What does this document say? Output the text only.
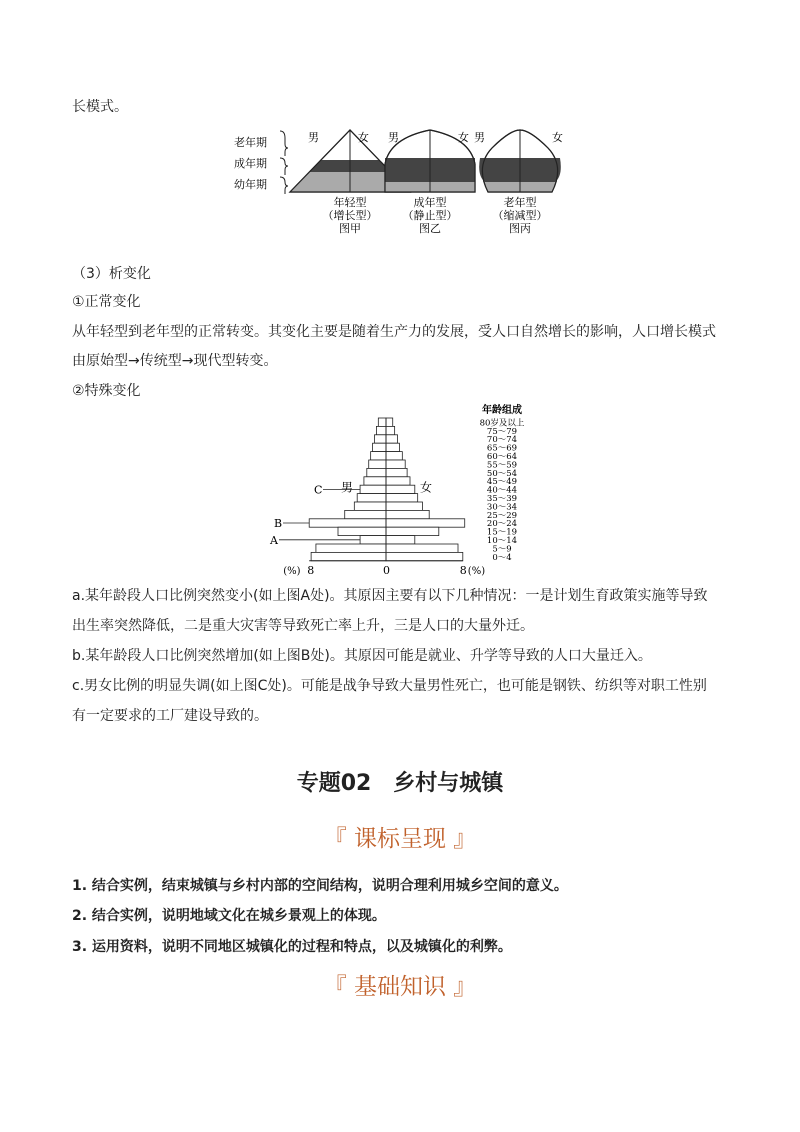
长模式。
老年期
成年期
幼年期
男	女 男	女 男	女
年轻型
（增长型）
图甲
成年型
（静止型）
图乙
老年型
（缩减型）
图丙
（3）析变化
①正常变化
从年轻型到老年型的正常转变。其变化主要是随着生产力的发展，受人口自然增长的影响，人口增长模式
由原始型→传统型→现代型转变。
②特殊变化
80岁及以上
75～79
70～74
65～69
60～64
55～59
50～54
45～49
40～44
35～39
30～34
25～29
20～24
15～19
10～14
5～9
0～4
年龄组成
男	女
(%) 8	0	8 (%)
C
B
A
a.某年龄段人口比例突然变小(如上图A处)。其原因主要有以下几种情况：一是计划生育政策实施等导致
出生率突然降低，二是重大灾害等导致死亡率上升，三是人口的大量外迁。
b.某年龄段人口比例突然增加(如上图B处)。其原因可能是就业、升学等导致的人口大量迁入。
c.男女比例的明显失调(如上图C处)。可能是战争导致大量男性死亡，也可能是钢铁、纺织等对职工性别
有一定要求的工厂建设导致的。
专题02　乡村与城镇
『 课标呈现 』
1. 结合实例，结束城镇与乡村内部的空间结构，说明合理利用城乡空间的意义。
2. 结合实例，说明地域文化在城乡景观上的体现。
3. 运用资料，说明不同地区城镇化的过程和特点，以及城镇化的利弊。
『 基础知识 』
